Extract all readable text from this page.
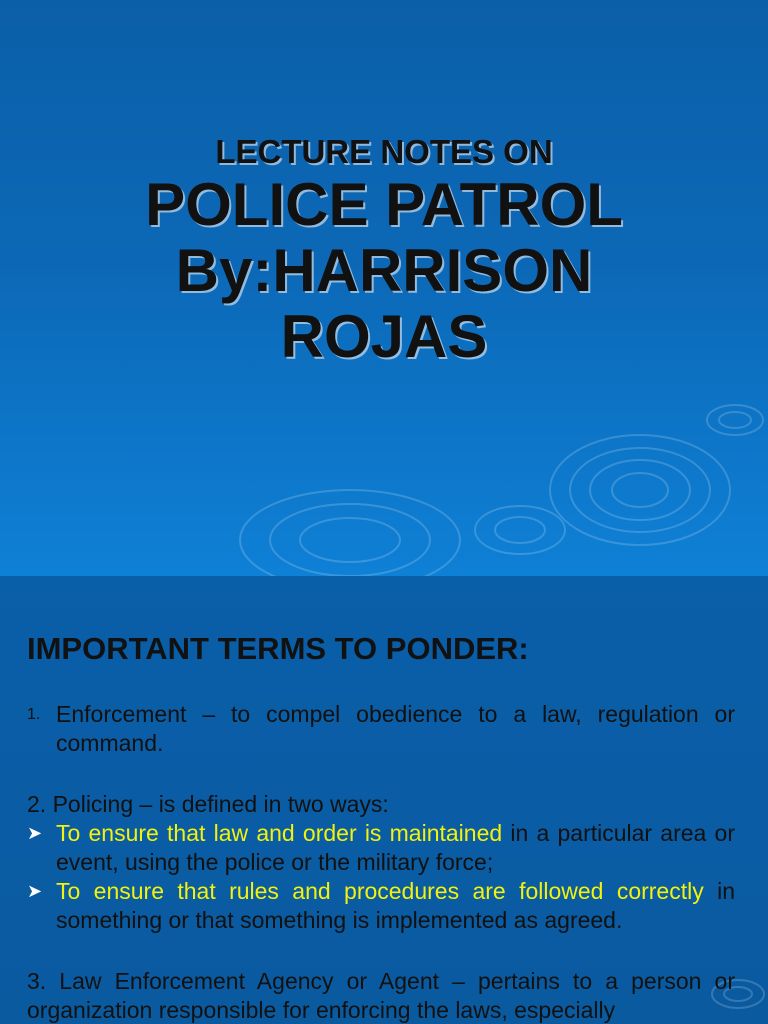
LECTURE NOTES ON
POLICE PATROL
By:HARRISON
ROJAS
IMPORTANT TERMS TO PONDER:
1. Enforcement – to compel obedience to a law, regulation or command.
2. Policing – is defined in two ways:
➤ To ensure that law and order is maintained in a particular area or event, using the police or the military force;
➤ To ensure that rules and procedures are followed correctly in something or that something is implemented as agreed.
3. Law Enforcement Agency or Agent – pertains to a person or organization responsible for enforcing the laws, especially
